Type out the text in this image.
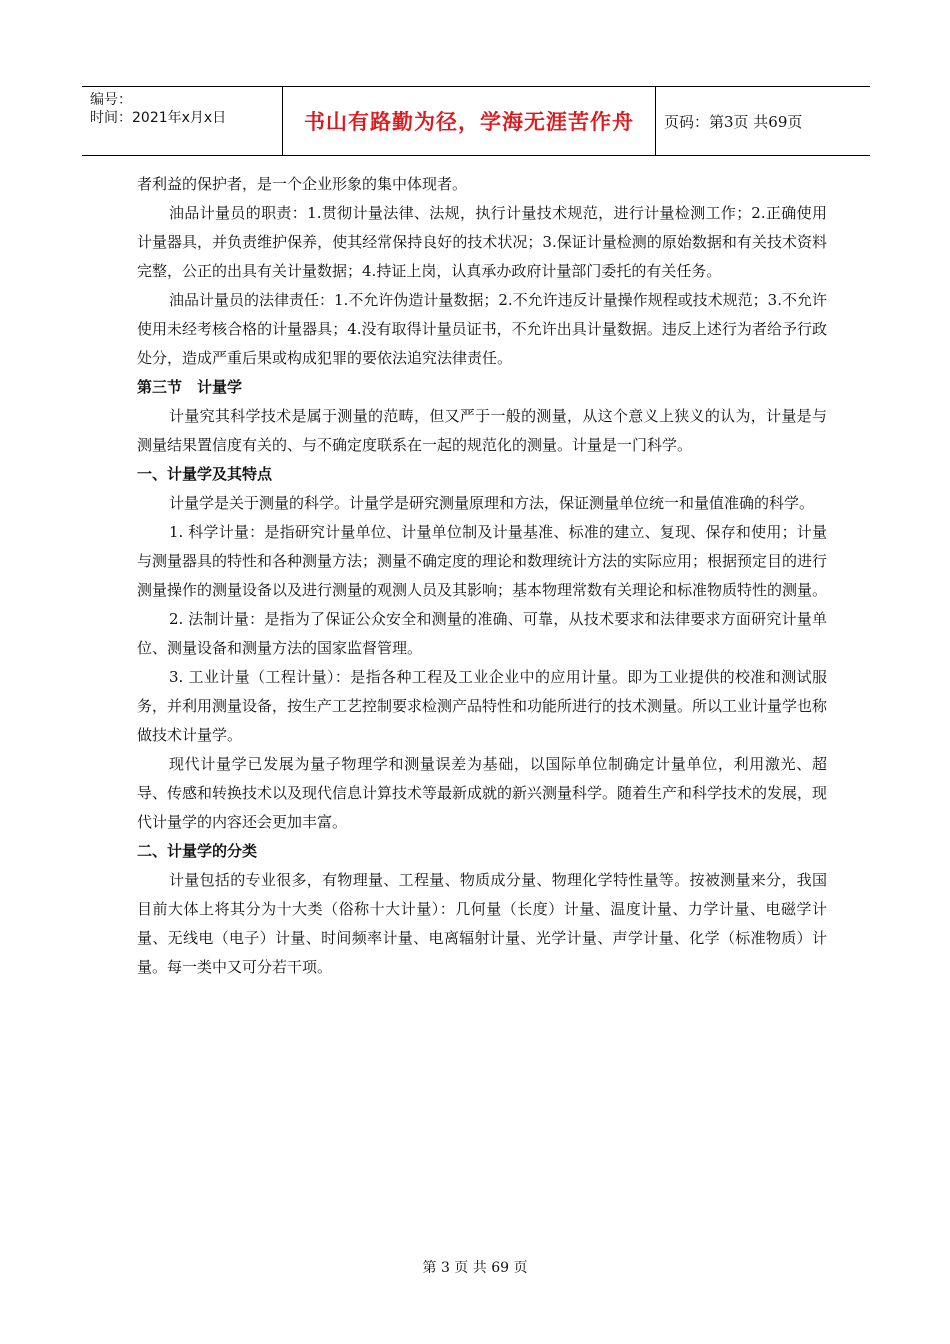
编号：
时间：2021年x月x日	书山有路勤为径，学海无涯苦作舟	页码：第3页 共69页

者利益的保护者，是一个企业形象的集中体现者。

油品计量员的职责：1.贯彻计量法律、法规，执行计量技术规范，进行计量检测工作；2.正确使用计量器具，并负责维护保养，使其经常保持良好的技术状况；3.保证计量检测的原始数据和有关技术资料完整，公正的出具有关计量数据；4.持证上岗，认真承办政府计量部门委托的有关任务。

油品计量员的法律责任：1.不允许伪造计量数据；2.不允许违反计量操作规程或技术规范；3.不允许使用未经考核合格的计量器具；4.没有取得计量员证书，不允许出具计量数据。违反上述行为者给予行政处分，造成严重后果或构成犯罪的要依法追究法律责任。

第三节　计量学

计量究其科学技术是属于测量的范畴，但又严于一般的测量，从这个意义上狭义的认为，计量是与测量结果置信度有关的、与不确定度联系在一起的规范化的测量。计量是一门科学。

一、计量学及其特点

计量学是关于测量的科学。计量学是研究测量原理和方法，保证测量单位统一和量值准确的科学。

1. 科学计量：是指研究计量单位、计量单位制及计量基准、标准的建立、复现、保存和使用；计量与测量器具的特性和各种测量方法；测量不确定度的理论和数理统计方法的实际应用；根据预定目的进行测量操作的测量设备以及进行测量的观测人员及其影响；基本物理常数有关理论和标准物质特性的测量。

2. 法制计量：是指为了保证公众安全和测量的准确、可靠，从技术要求和法律要求方面研究计量单位、测量设备和测量方法的国家监督管理。

3. 工业计量（工程计量）：是指各种工程及工业企业中的应用计量。即为工业提供的校准和测试服务，并利用测量设备，按生产工艺控制要求检测产品特性和功能所进行的技术测量。所以工业计量学也称做技术计量学。

现代计量学已发展为量子物理学和测量误差为基础，以国际单位制确定计量单位，利用激光、超导、传感和转换技术以及现代信息计算技术等最新成就的新兴测量科学。随着生产和科学技术的发展，现代计量学的内容还会更加丰富。

二、计量学的分类

计量包括的专业很多，有物理量、工程量、物质成分量、物理化学特性量等。按被测量来分，我国目前大体上将其分为十大类（俗称十大计量）：几何量（长度）计量、温度计量、力学计量、电磁学计量、无线电（电子）计量、时间频率计量、电离辐射计量、光学计量、声学计量、化学（标准物质）计量。每一类中又可分若干项。

第 3 页 共 69 页
